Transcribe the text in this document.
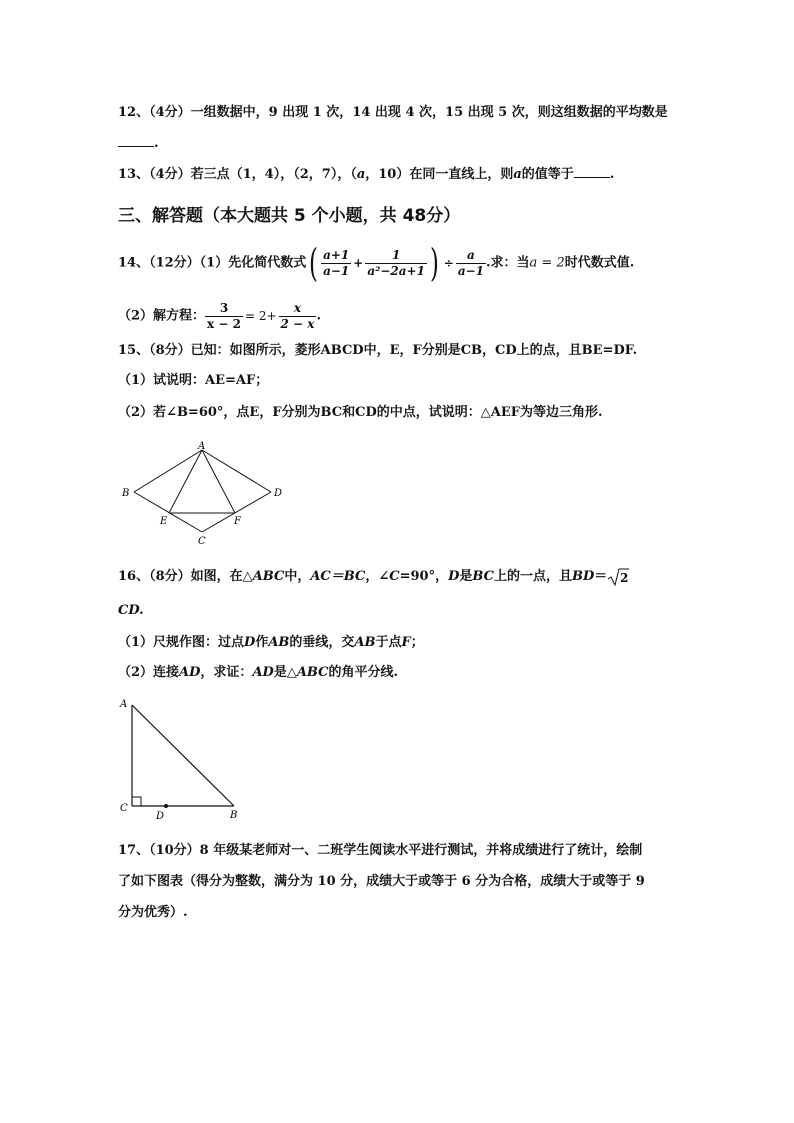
12、（4分）一组数据中，9 出现 1 次，14 出现 4 次，15 出现 5 次，则这组数据的平均数是
.
13、（4分）若三点（1，4），（2，7），（a，10）在同一直线上，则a的值等于	.
三、解答题（本大题共 5 个小题，共 48分）
14、（12分）（1）先化简代数式( $\frac{a+1}{a-1} + \frac{1}{\text{a²−2a+1}}$ ) ÷ $\frac{a}{a-1}$ .求：当a = 2时代数式值.
（2）解方程： $\frac{3}{x - 2} = 2+ \frac{x}{2 - x}$ .
15、（8分）已知：如图所示，菱形ABCD中，E，F分别是CB，CD上的点，且BE=DF.
（1）试说明：AE=AF；
（2）若∠B=60°，点E，F分别为BC和CD的中点，试说明：△AEF为等边三角形.
A
B	D
C
E	F
16、（8分）如图，在△ABC中，AC＝BC，∠C=90°，D是BC上的一点，且BD＝ 2
CD.
（1）尺规作图：过点D作AB的垂线，交AB于点F；
（2）连接AD，求证：AD是△ABC的角平分线.
A
C
D	B
17、（10分）8 年级某老师对一、二班学生阅读水平进行测试，并将成绩进行了统计，绘制
了如下图表（得分为整数，满分为 10 分，成绩大于或等于 6 分为合格，成绩大于或等于 9
分为优秀）.
